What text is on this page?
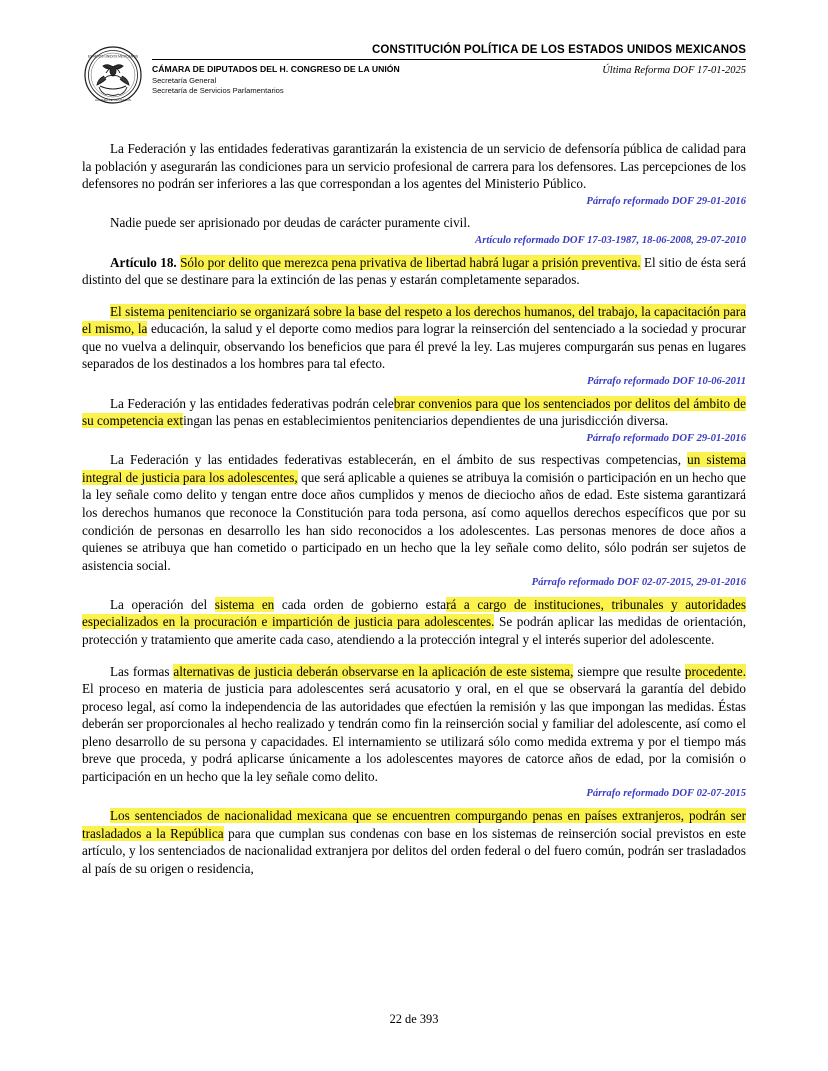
ESTADOS UNIDOS MEXICANOS
CÁMARA DE DIPUTADOS
CONSTITUCIÓN POLÍTICA DE LOS ESTADOS UNIDOS MEXICANOS
CÁMARA DE DIPUTADOS DEL H. CONGRESO DE LA UNIÓN
Secretaría General
Secretaría de Servicios Parlamentarios
Última Reforma DOF 17-01-2025

La Federación y las entidades federativas garantizarán la existencia de un servicio de defensoría pública de calidad para la población y asegurarán las condiciones para un servicio profesional de carrera para los defensores. Las percepciones de los defensores no podrán ser inferiores a las que correspondan a los agentes del Ministerio Público.

Párrafo reformado DOF 29-01-2016

Nadie puede ser aprisionado por deudas de carácter puramente civil.

Artículo reformado DOF 17-03-1987, 18-06-2008, 29-07-2010

Artículo 18. Sólo por delito que merezca pena privativa de libertad habrá lugar a prisión preventiva. El sitio de ésta será distinto del que se destinare para la extinción de las penas y estarán completamente separados.

El sistema penitenciario se organizará sobre la base del respeto a los derechos humanos, del trabajo, la capacitación para el mismo, la educación, la salud y el deporte como medios para lograr la reinserción del sentenciado a la sociedad y procurar que no vuelva a delinquir, observando los beneficios que para él prevé la ley. Las mujeres compurgarán sus penas en lugares separados de los destinados a los hombres para tal efecto.

Párrafo reformado DOF 10-06-2011

La Federación y las entidades federativas podrán celebrar convenios para que los sentenciados por delitos del ámbito de su competencia extingan las penas en establecimientos penitenciarios dependientes de una jurisdicción diversa.

Párrafo reformado DOF 29-01-2016

La Federación y las entidades federativas establecerán, en el ámbito de sus respectivas competencias, un sistema integral de justicia para los adolescentes, que será aplicable a quienes se atribuya la comisión o participación en un hecho que la ley señale como delito y tengan entre doce años cumplidos y menos de dieciocho años de edad. Este sistema garantizará los derechos humanos que reconoce la Constitución para toda persona, así como aquellos derechos específicos que por su condición de personas en desarrollo les han sido reconocidos a los adolescentes. Las personas menores de doce años a quienes se atribuya que han cometido o participado en un hecho que la ley señale como delito, sólo podrán ser sujetos de asistencia social.

Párrafo reformado DOF 02-07-2015, 29-01-2016

La operación del sistema en cada orden de gobierno estará a cargo de instituciones, tribunales y autoridades especializados en la procuración e impartición de justicia para adolescentes. Se podrán aplicar las medidas de orientación, protección y tratamiento que amerite cada caso, atendiendo a la protección integral y el interés superior del adolescente.

Las formas alternativas de justicia deberán observarse en la aplicación de este sistema, siempre que resulte procedente. El proceso en materia de justicia para adolescentes será acusatorio y oral, en el que se observará la garantía del debido proceso legal, así como la independencia de las autoridades que efectúen la remisión y las que impongan las medidas. Éstas deberán ser proporcionales al hecho realizado y tendrán como fin la reinserción social y familiar del adolescente, así como el pleno desarrollo de su persona y capacidades. El internamiento se utilizará sólo como medida extrema y por el tiempo más breve que proceda, y podrá aplicarse únicamente a los adolescentes mayores de catorce años de edad, por la comisión o participación en un hecho que la ley señale como delito.

Párrafo reformado DOF 02-07-2015

Los sentenciados de nacionalidad mexicana que se encuentren compurgando penas en países extranjeros, podrán ser trasladados a la República para que cumplan sus condenas con base en los sistemas de reinserción social previstos en este artículo, y los sentenciados de nacionalidad extranjera por delitos del orden federal o del fuero común, podrán ser trasladados al país de su origen o residencia,

22 de 393
